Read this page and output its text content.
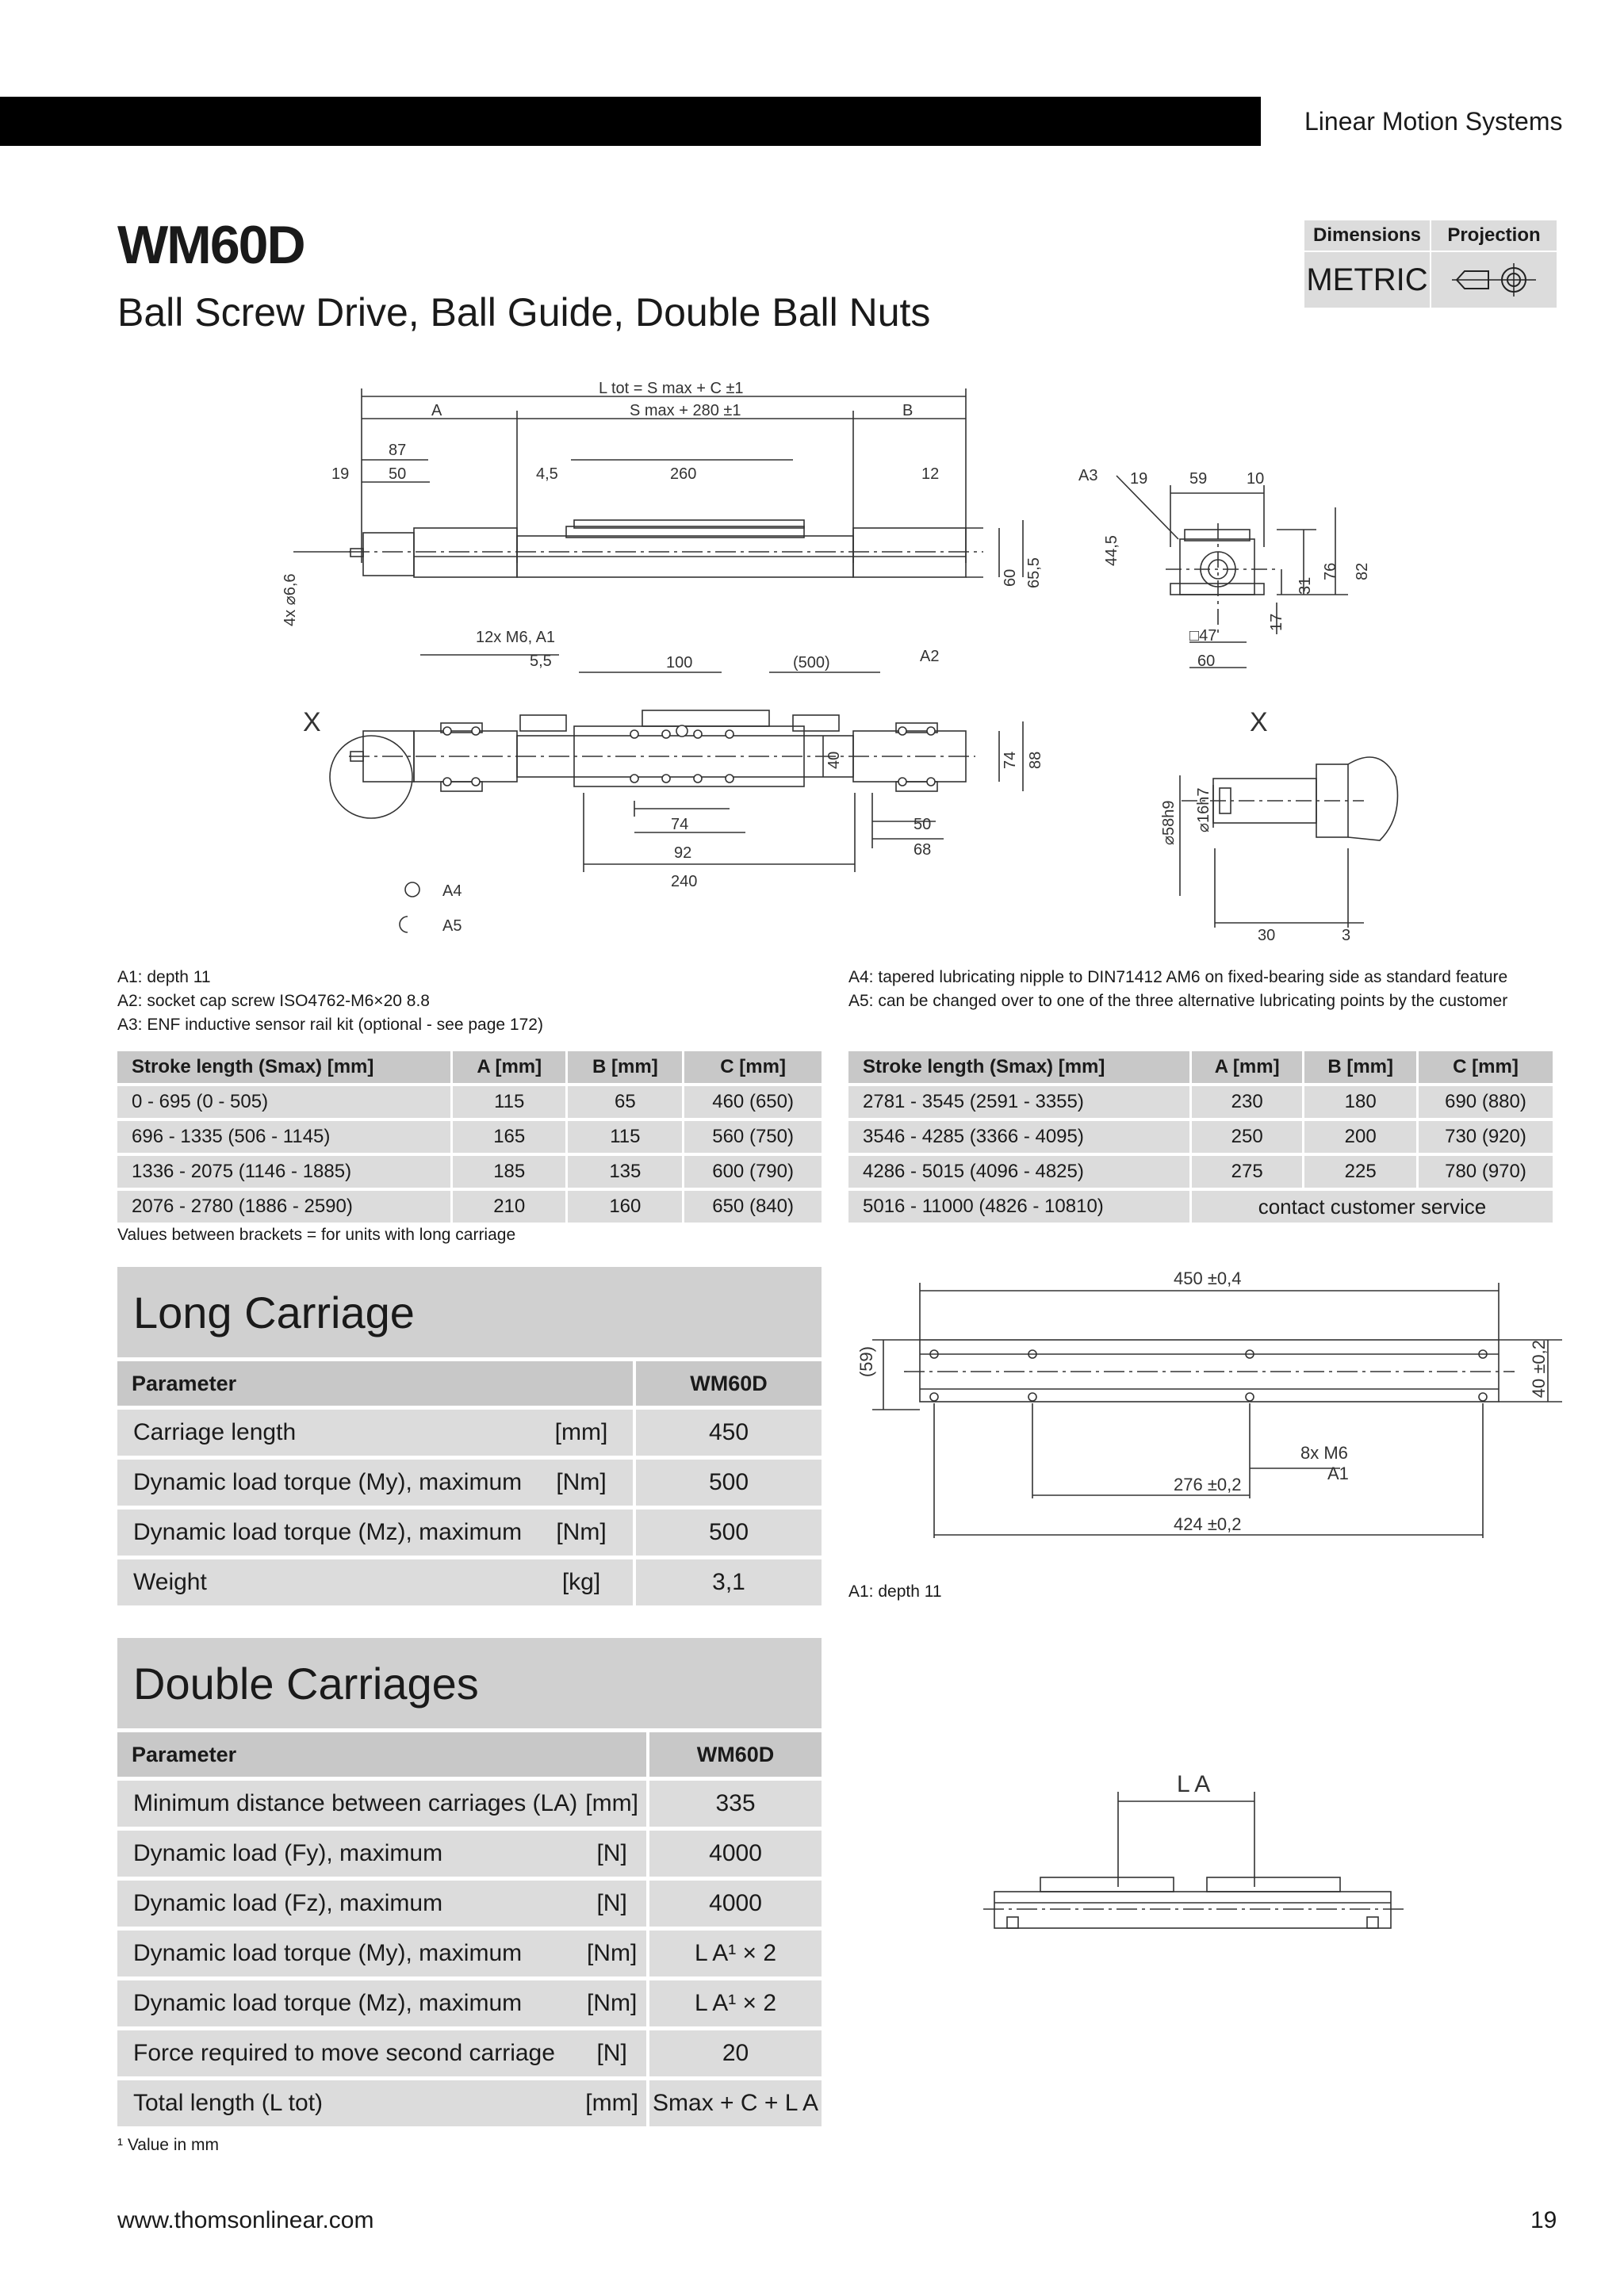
Linear Motion Systems
WM60D
Ball Screw Drive, Ball Guide, Double Ball Nuts
Dimensions	Projection
METRIC
L tot = S max + C ±1
A	S max + 280 ±1	B
87
19 50	4,5	260	12
4x ⌀6,6	60 65,5
A3 19	59 10
44,5
76 82
31
17
□47
60
12x M6, A1
5,5	100	(500)	A2
X	X
40	74 88
74
92
50
68
240
A4
A5
⌀58h9 ⌀16h7
30	3
A1: depth 11
A2: socket cap screw ISO4762-M6×20 8.8
A3: ENF inductive sensor rail kit (optional - see page 172)
A4: tapered lubricating nipple to DIN71412 AM6 on fixed-bearing side as standard feature
A5: can be changed over to one of the three alternative lubricating points by the customer
Stroke length (Smax) [mm]	A [mm]	B [mm]	C [mm]
0 - 695 (0 - 505)	115	65	460 (650)
696 - 1335 (506 - 1145)	165	115	560 (750)
1336 - 2075 (1146 - 1885)	185	135	600 (790)
2076 - 2780 (1886 - 2590)	210	160	650 (840)
Stroke length (Smax) [mm]	A [mm]	B [mm]	C [mm]
2781 - 3545 (2591 - 3355)	230	180	690 (880)
3546 - 4285 (3366 - 4095)	250	200	730 (920)
4286 - 5015 (4096 - 4825)	275	225	780 (970)
5016 - 11000 (4826 - 10810)	contact customer service		
Values between brackets = for units with long carriage
Long Carriage
Parameter		WM60D
Carriage length	[mm]	450
Dynamic load torque (My), maximum	[Nm]	500
Dynamic load torque (Mz), maximum	[Nm]	500
Weight	[kg]	3,1
450 ±0,4
40 ±0,2
(59)
8x M6
A1
276 ±0,2
424 ±0,2
A1: depth 11
Double Carriages
Parameter		WM60D
Minimum distance between carriages (LA)	[mm]	335
Dynamic load (Fy), maximum	[N]	4000
Dynamic load (Fz), maximum	[N]	4000
Dynamic load torque (My), maximum	[Nm]	L A¹ × 2
Dynamic load torque (Mz), maximum	[Nm]	L A¹ × 2
Force required to move second carriage	[N]	20
Total length (L tot)	[mm]	Smax + C + L A
¹ Value in mm
L A
www.thomsonlinear.com	19
